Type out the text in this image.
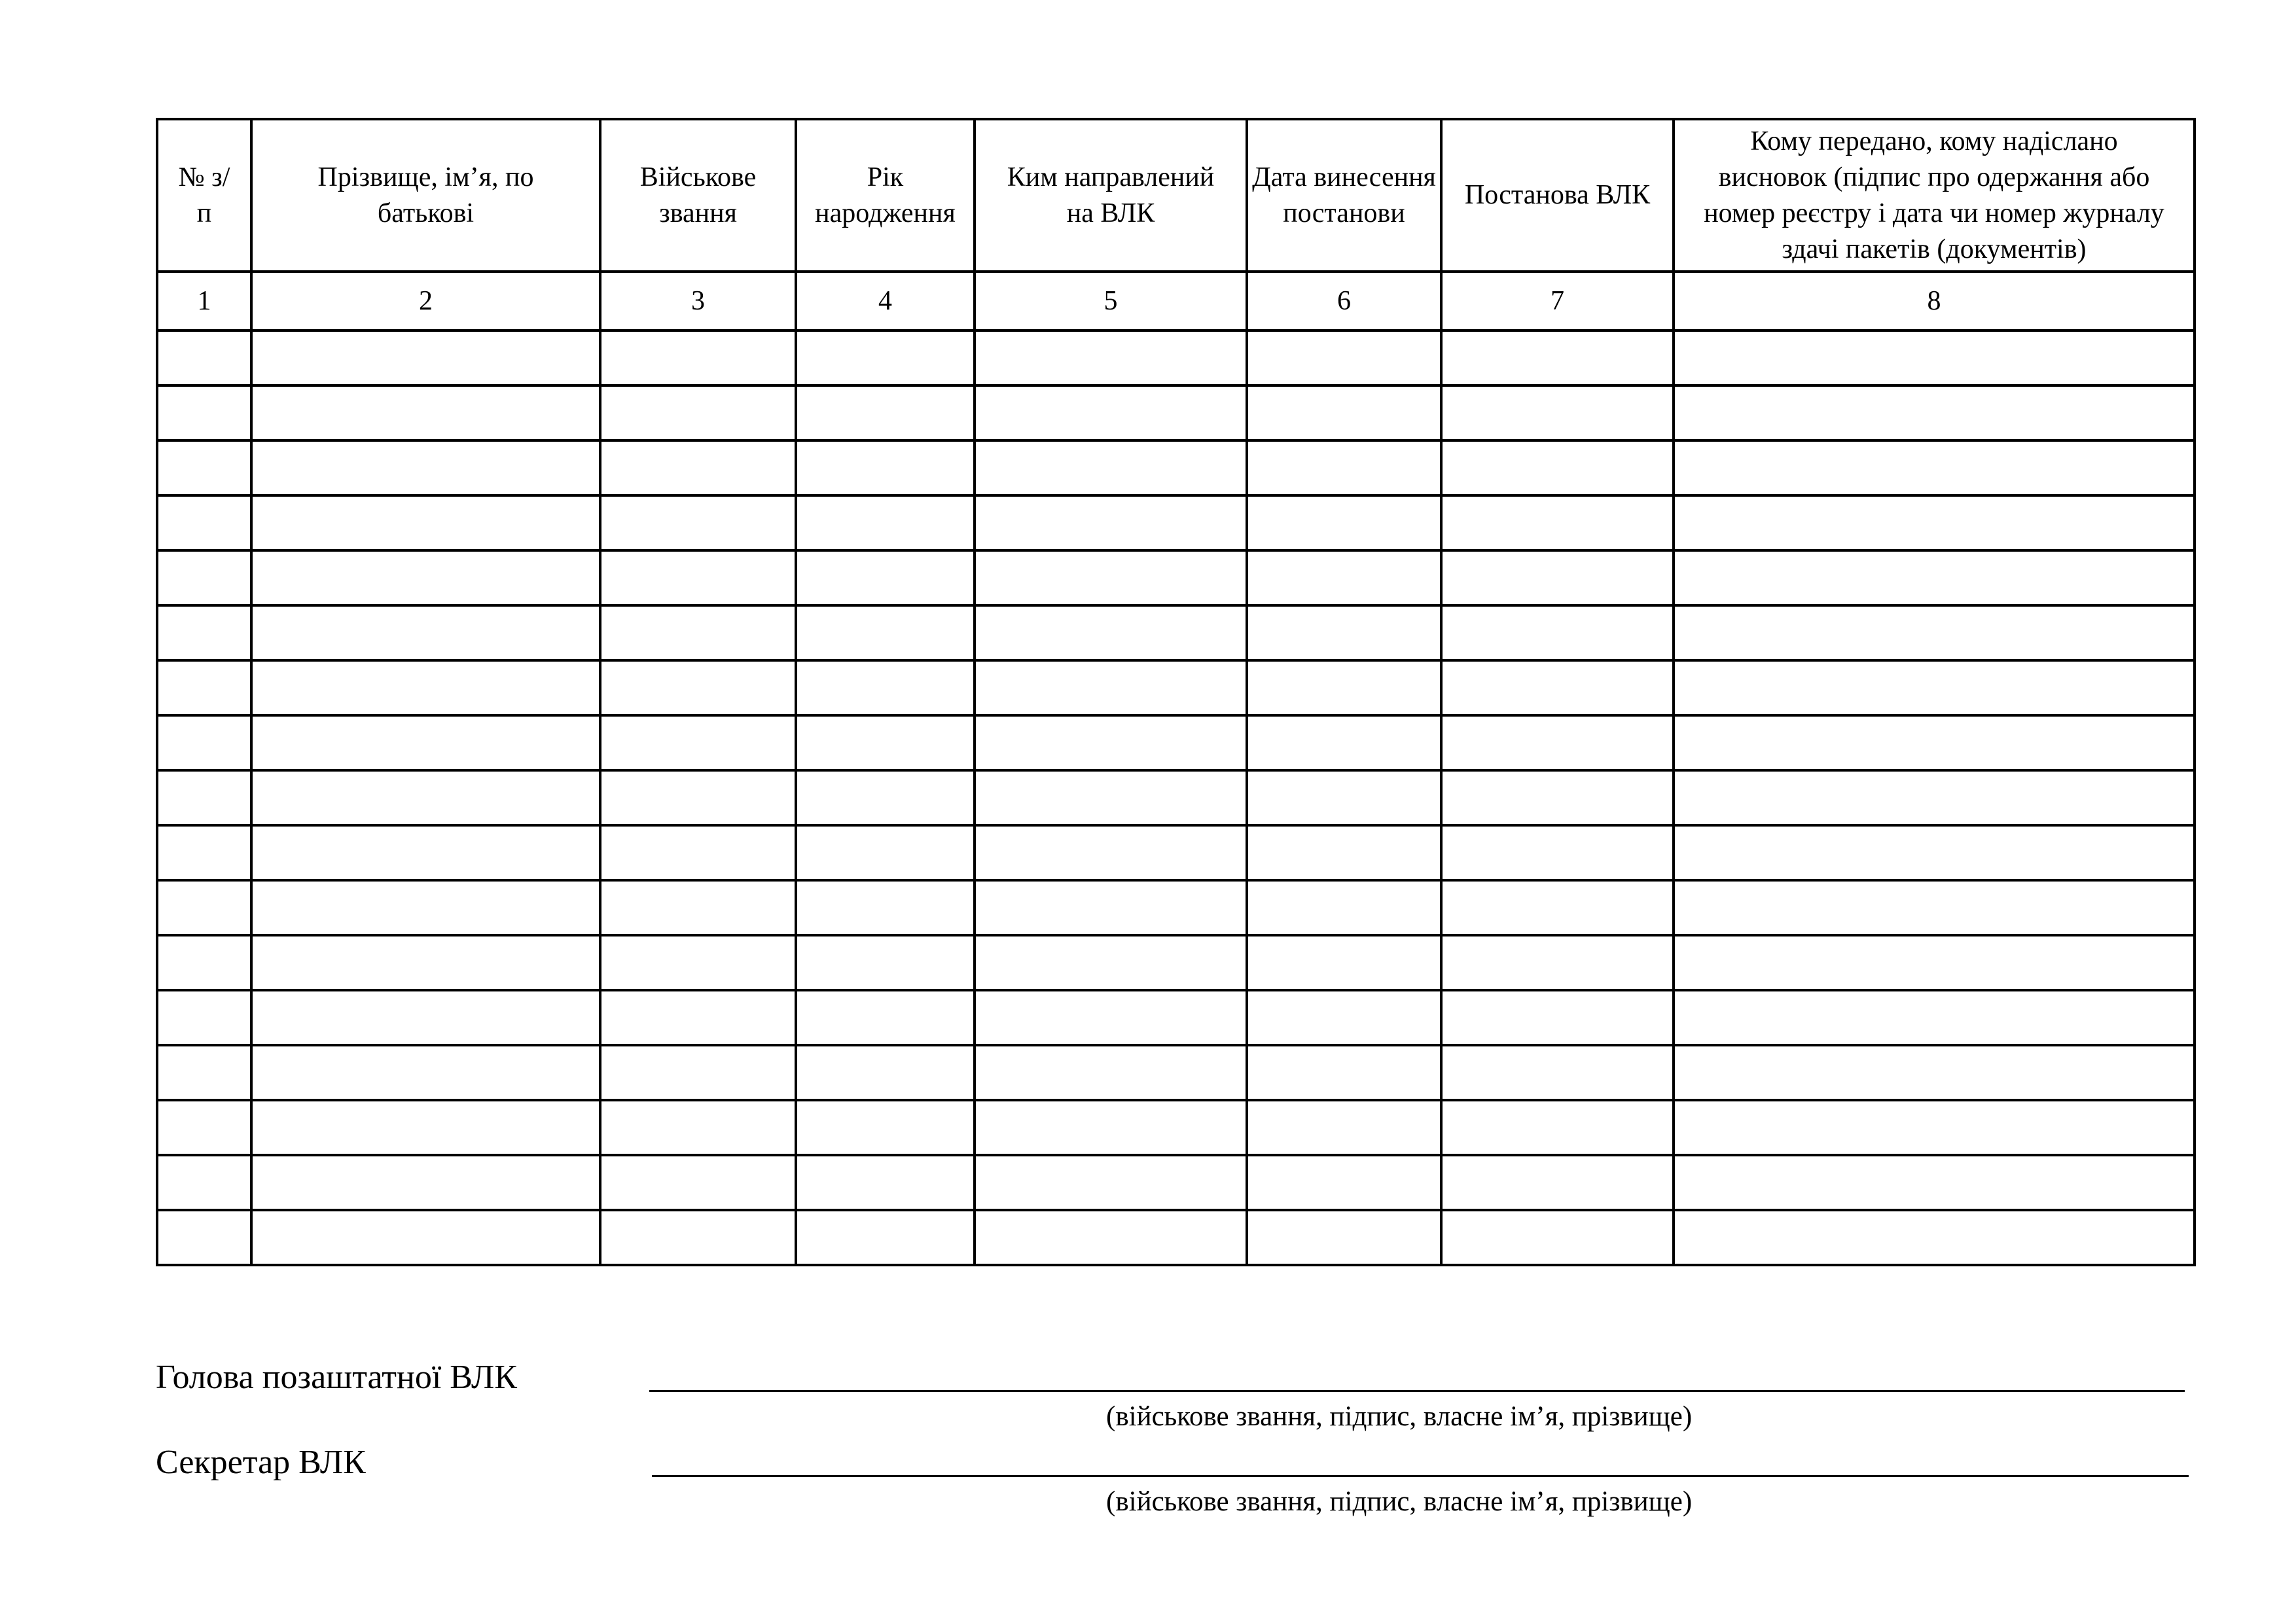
№ з/п	Прізвище, ім’я, по батькові	Військове звання	Рік народження	Ким направлений на ВЛК	Дата винесення постанови	Постанова ВЛК	Кому передано, кому надіслано висновок (підпис про одержання або номер реєстру і дата чи номер журналу здачі пакетів (документів)
1	2	3	4	5	6	7	8

Голова позаштатної ВЛК
(військове звання, підпис, власне ім’я, прізвище)
Секретар ВЛК
(військове звання, підпис, власне ім’я, прізвище)
